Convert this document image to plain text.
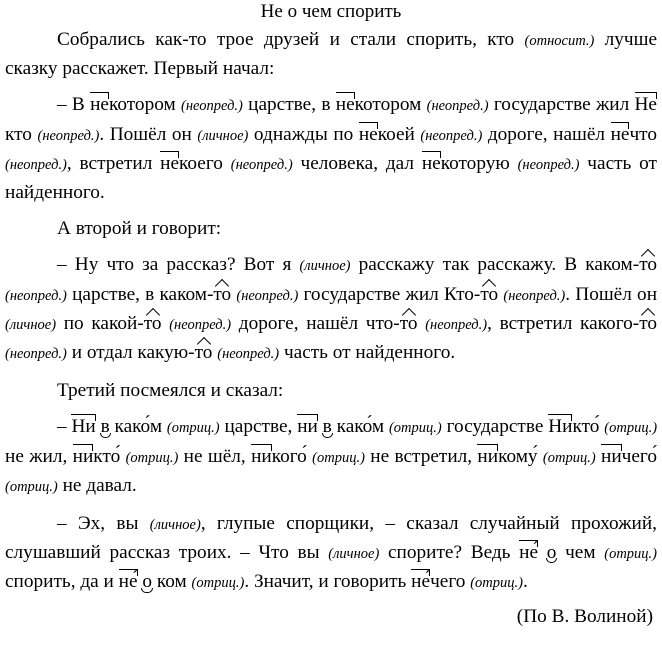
Не о чем спорить

Собрались как-то трое друзей и стали спорить, кто (относит.) лучше сказку расскажет. Первый начал:

– В некотором (неопред.) царстве, в некотором (неопред.) государстве жил Некто (неопред.). Пошёл он (личное) однажды по некоей (неопред.) дороге, нашёл нечто (неопред.), встретил некоего (неопред.) человека, дал некоторую (неопред.) часть от найденного.

А второй и говорит:

– Ну что за рассказ? Вот я (личное) расскажу так расскажу. В каком-то (неопред.) царстве, в каком-то (неопред.) государстве жил Кто-то (неопред.). Пошёл он (личное) по какой-то (неопред.) дороге, нашёл что-то (неопред.), встретил какого-то (неопред.) и отдал какую-то (неопред.) часть от найденного.

Третий посмеялся и сказал:

– Ни в како́м (отриц.) царстве, ни в како́м (отриц.) государстве Никто́ (отриц.) не жил, никто́ (отриц.) не шёл, никого́ (отриц.) не встретил, никому́ (отриц.) ничего́ (отриц.) не давал.

– Эх, вы (личное), глупые спорщики, – сказал случайный прохожий, слушавший рассказ троих. – Что вы (личное) спорите? Ведь не́ о чем (отриц.) спорить, да и не́ о ком (отриц.). Значит, и говорить не́чего (отриц.).

(По В. Волиной)
